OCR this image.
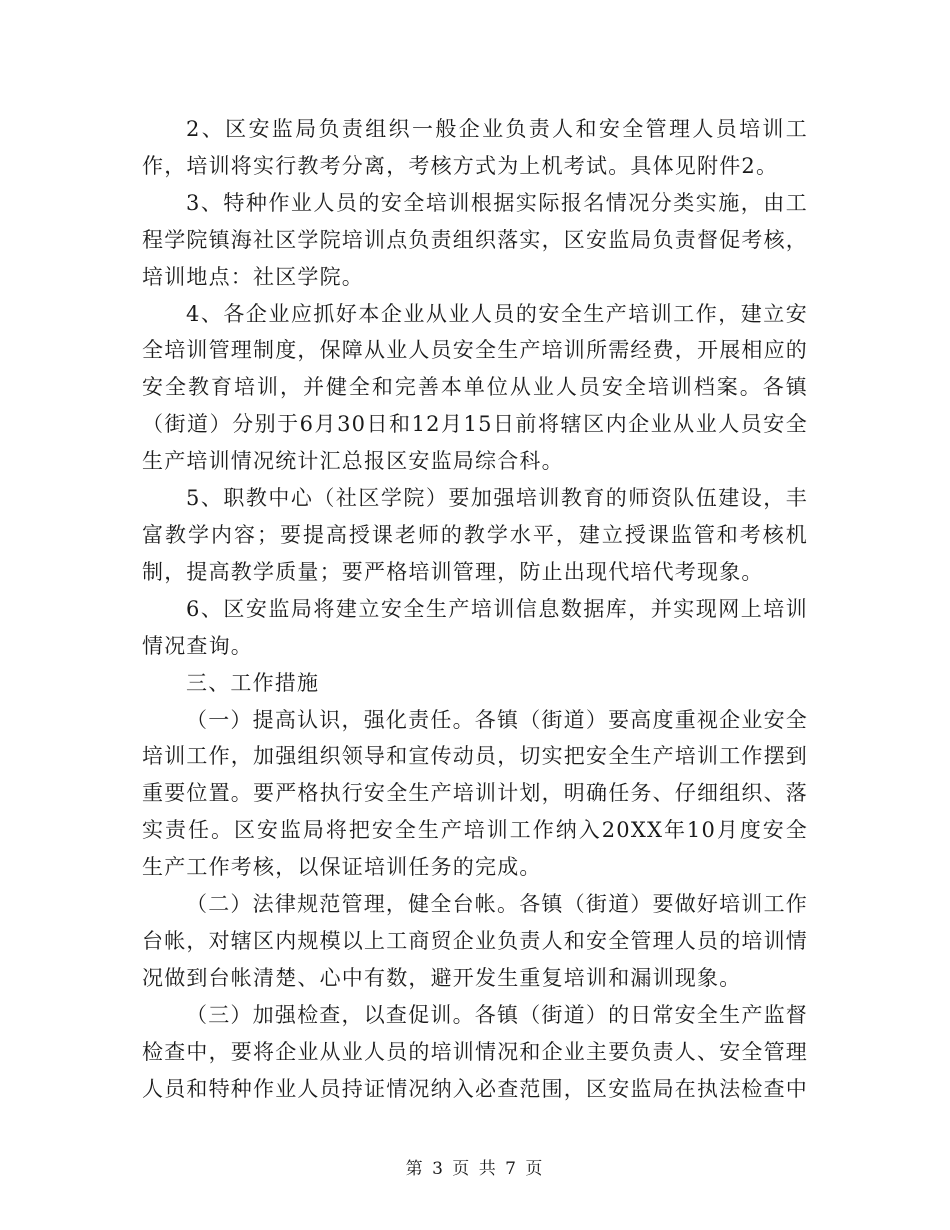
2、区安监局负责组织一般企业负责人和安全管理人员培训工作，培训将实行教考分离，考核方式为上机考试。具体见附件2。

3、特种作业人员的安全培训根据实际报名情况分类实施，由工程学院镇海社区学院培训点负责组织落实，区安监局负责督促考核，培训地点：社区学院。

4、各企业应抓好本企业从业人员的安全生产培训工作，建立安全培训管理制度，保障从业人员安全生产培训所需经费，开展相应的安全教育培训，并健全和完善本单位从业人员安全培训档案。各镇（街道）分别于6月30日和12月15日前将辖区内企业从业人员安全生产培训情况统计汇总报区安监局综合科。

5、职教中心（社区学院）要加强培训教育的师资队伍建设，丰富教学内容；要提高授课老师的教学水平，建立授课监管和考核机制，提高教学质量；要严格培训管理，防止出现代培代考现象。

6、区安监局将建立安全生产培训信息数据库，并实现网上培训情况查询。

三、工作措施

（一）提高认识，强化责任。各镇（街道）要高度重视企业安全培训工作，加强组织领导和宣传动员，切实把安全生产培训工作摆到重要位置。要严格执行安全生产培训计划，明确任务、仔细组织、落实责任。区安监局将把安全生产培训工作纳入20XX年10月度安全生产工作考核，以保证培训任务的完成。

（二）法律规范管理，健全台帐。各镇（街道）要做好培训工作台帐，对辖区内规模以上工商贸企业负责人和安全管理人员的培训情况做到台帐清楚、心中有数，避开发生重复培训和漏训现象。

（三）加强检查，以查促训。各镇（街道）的日常安全生产监督检查中，要将企业从业人员的培训情况和企业主要负责人、安全管理人员和特种作业人员持证情况纳入必查范围，区安监局在执法检查中

第 3 页 共 7 页
